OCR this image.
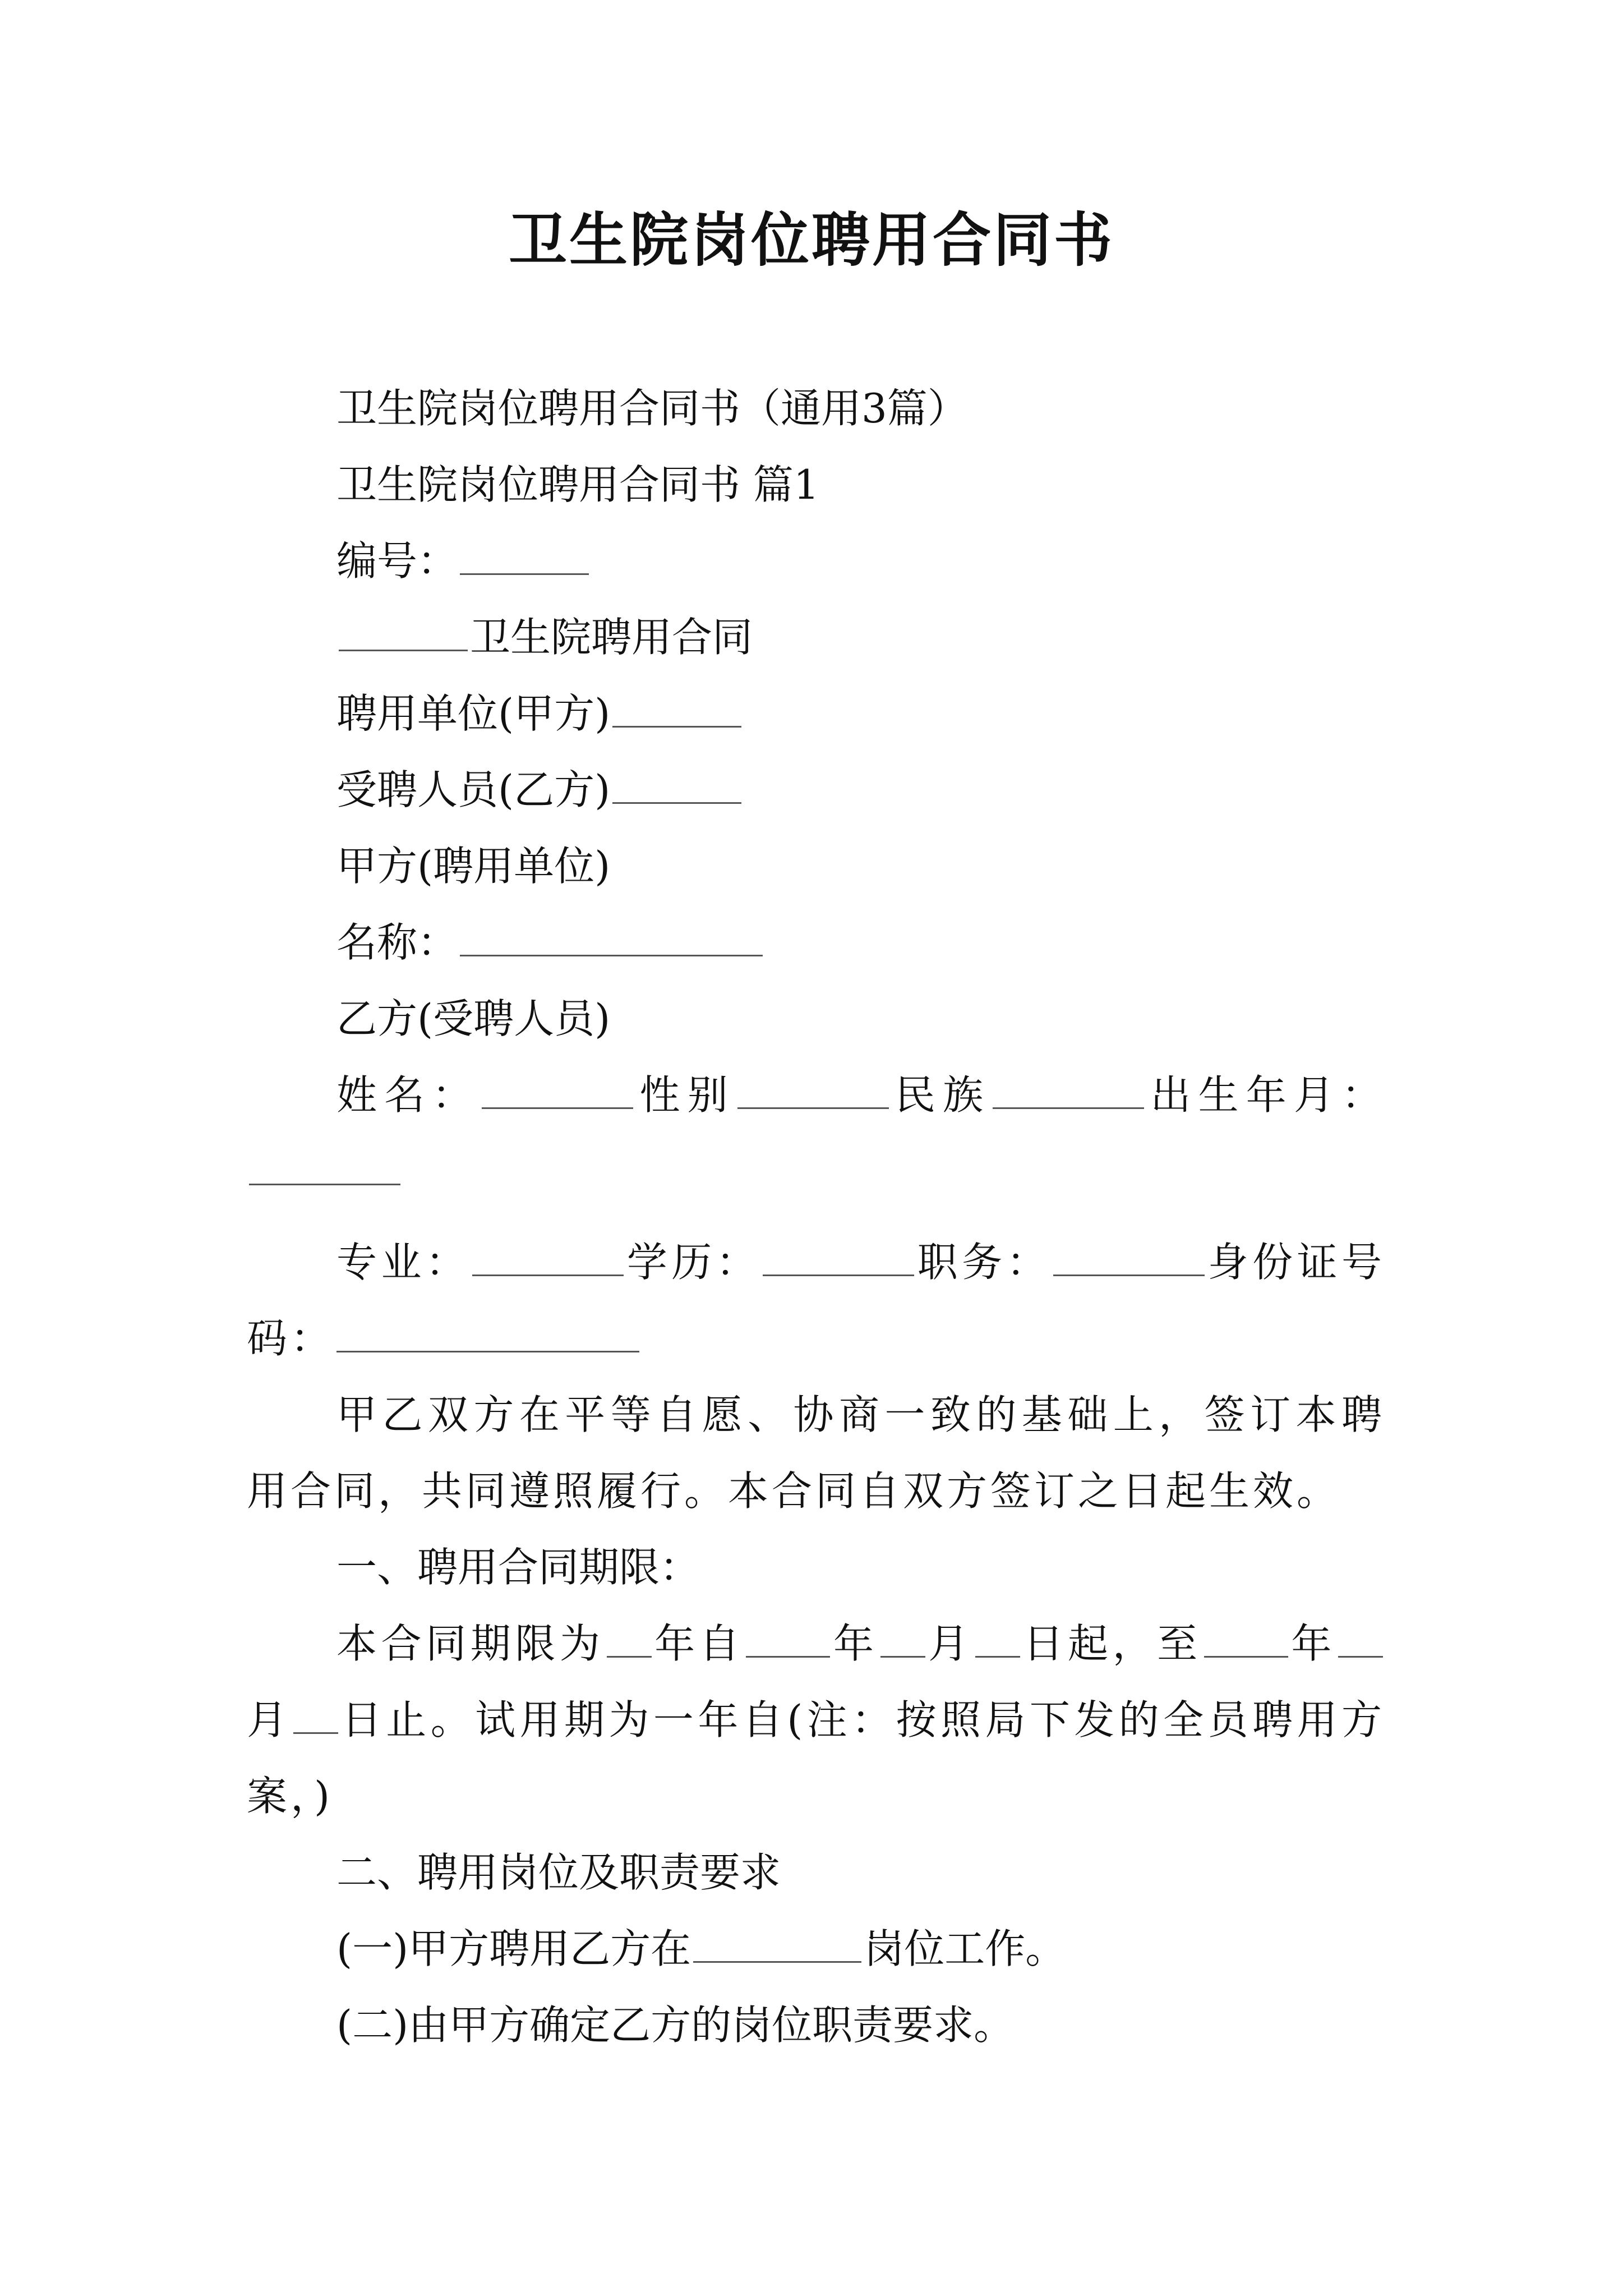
卫生院岗位聘用合同书

卫生院岗位聘用合同书（通用3篇）

卫生院岗位聘用合同书 篇1

编号：

卫生院聘用合同

聘用单位(甲方)

受聘人员(乙方)

甲方(聘用单位)

名称：

乙方(受聘人员)

姓名：	性别	民族	出生年月：

专业：	学历：	职务：	身份证号码：

甲乙双方在平等自愿、协商一致的基础上，签订本聘用合同，共同遵照履行。本合同自双方签订之日起生效。

一、聘用合同期限：

本合同期限为 年自 年 月 日起，至 年月 日止。试用期为一年自(注：按照局下发的全员聘用方案，)

二、聘用岗位及职责要求

(一)甲方聘用乙方在	岗位工作。

(二)由甲方确定乙方的岗位职责要求。
